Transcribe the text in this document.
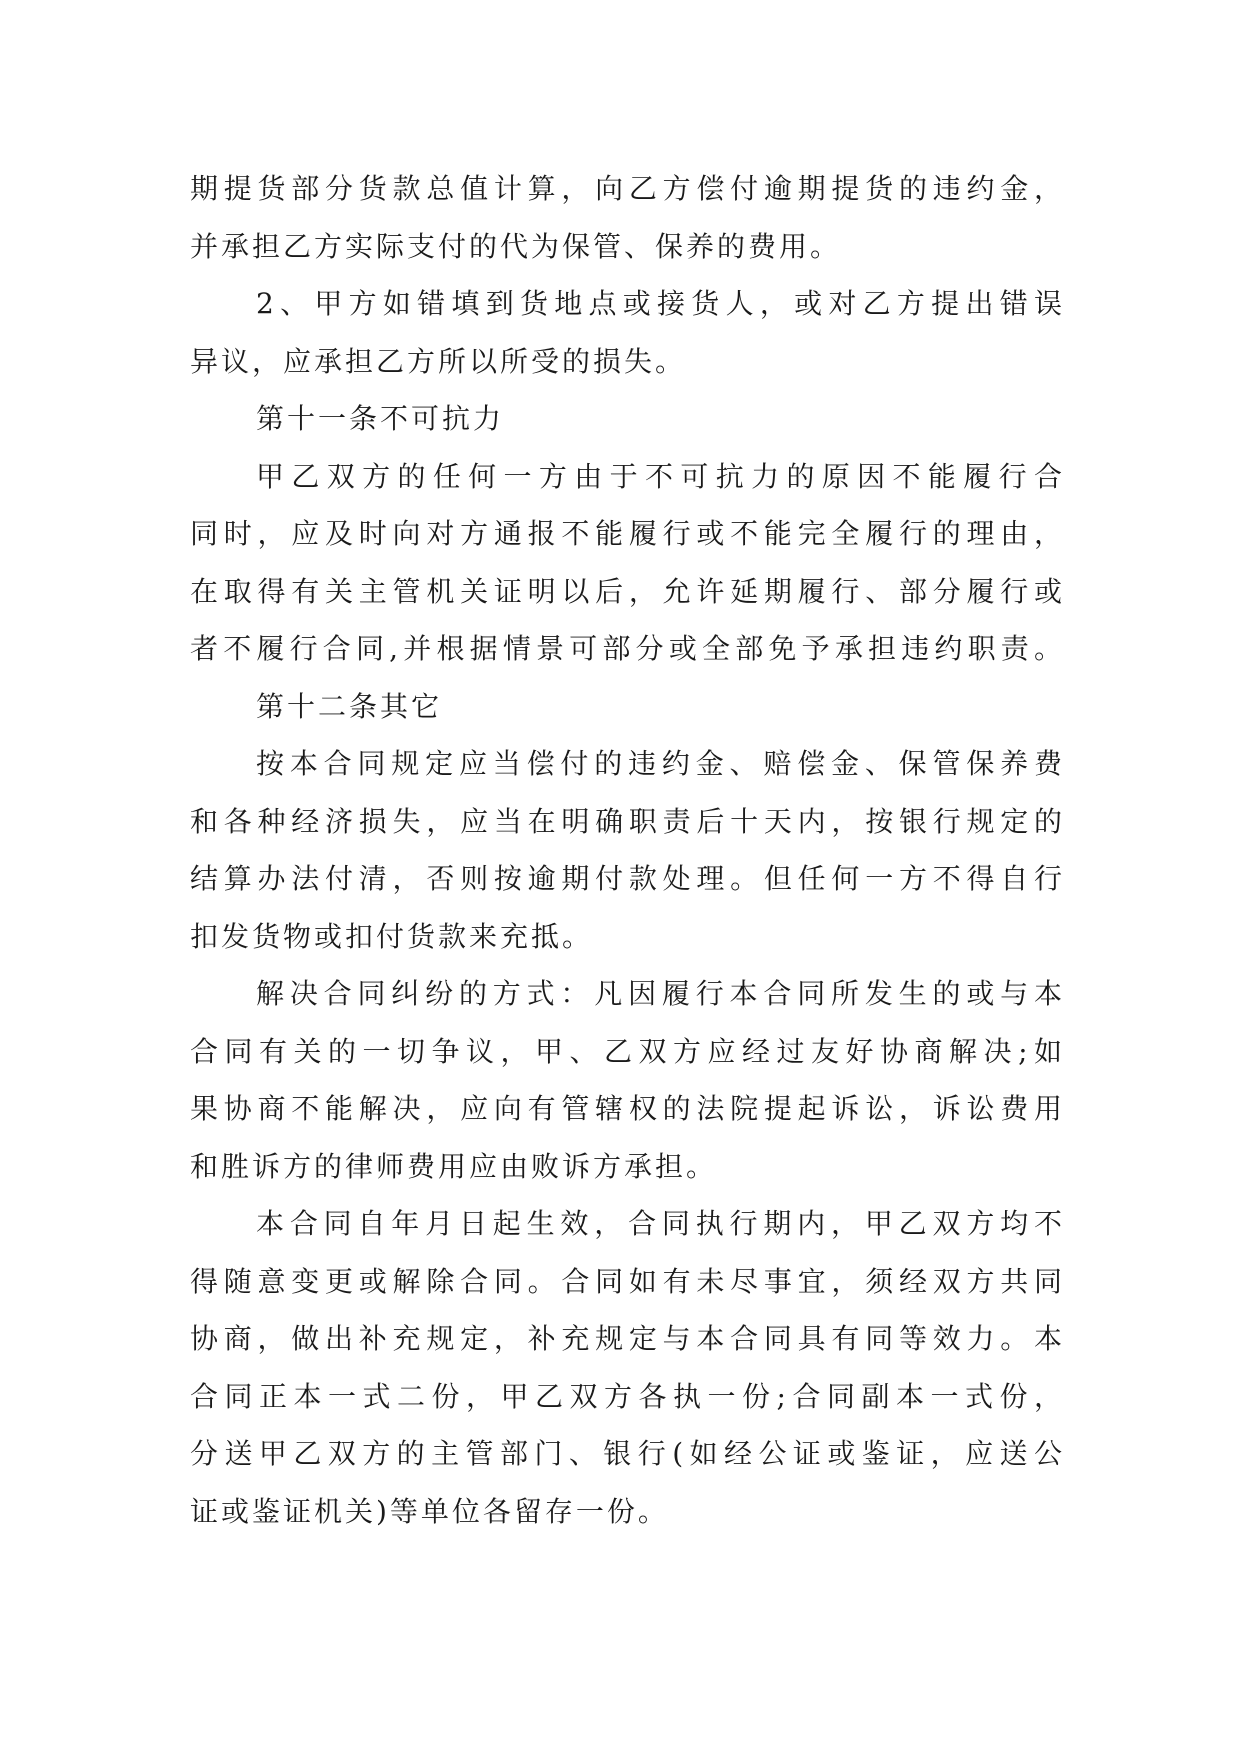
期提货部分货款总值计算，向乙方偿付逾期提货的违约金，
并承担乙方实际支付的代为保管、保养的费用。
2、甲方如错填到货地点或接货人，或对乙方提出错误
异议，应承担乙方所以所受的损失。
第十一条不可抗力
甲乙双方的任何一方由于不可抗力的原因不能履行合
同时，应及时向对方通报不能履行或不能完全履行的理由，
在取得有关主管机关证明以后，允许延期履行、部分履行或
者不履行合同,并根据情景可部分或全部免予承担违约职责。
第十二条其它
按本合同规定应当偿付的违约金、赔偿金、保管保养费
和各种经济损失，应当在明确职责后十天内，按银行规定的
结算办法付清，否则按逾期付款处理。但任何一方不得自行
扣发货物或扣付货款来充抵。
解决合同纠纷的方式：凡因履行本合同所发生的或与本
合同有关的一切争议，甲、乙双方应经过友好协商解决;如
果协商不能解决，应向有管辖权的法院提起诉讼，诉讼费用
和胜诉方的律师费用应由败诉方承担。
本合同自年月日起生效，合同执行期内，甲乙双方均不
得随意变更或解除合同。合同如有未尽事宜，须经双方共同
协商，做出补充规定，补充规定与本合同具有同等效力。本
合同正本一式二份，甲乙双方各执一份;合同副本一式份，
分送甲乙双方的主管部门、银行(如经公证或鉴证，应送公
证或鉴证机关)等单位各留存一份。
